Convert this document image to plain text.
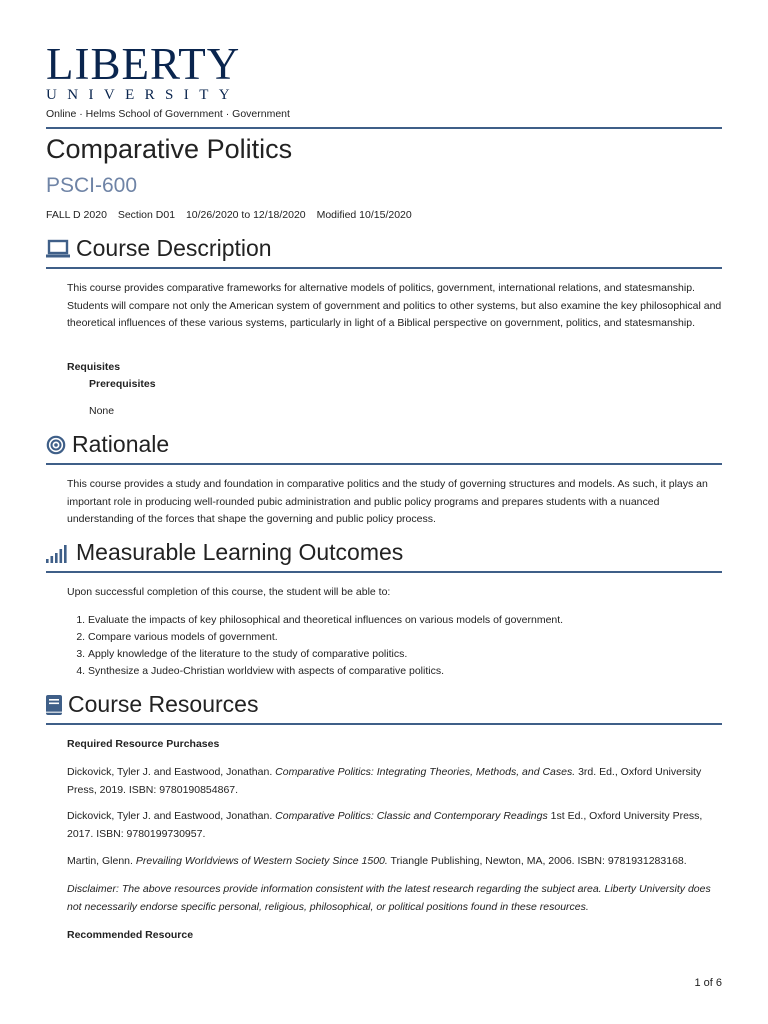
LIBERTY
UNIVERSITY
Online · Helms School of Government · Government
Comparative Politics
PSCI-600
FALL D 2020 Section D01 10/26/2020 to 12/18/2020 Modified 10/15/2020
Course Description
This course provides comparative frameworks for alternative models of politics, government, international relations, and statesmanship. Students will compare not only the American system of government and politics to other systems, but also examine the key philosophical and theoretical influences of these various systems, particularly in light of a Biblical perspective on government, politics, and statesmanship.
Requisites
Prerequisites
None
Rationale
This course provides a study and foundation in comparative politics and the study of governing structures and models. As such, it plays an important role in producing well-rounded pubic administration and public policy programs and prepares students with a nuanced understanding of the forces that shape the governing and public policy process.
Measurable Learning Outcomes
Upon successful completion of this course, the student will be able to:
1. Evaluate the impacts of key philosophical and theoretical influences on various models of government.
2. Compare various models of government.
3. Apply knowledge of the literature to the study of comparative politics.
4. Synthesize a Judeo-Christian worldview with aspects of comparative politics.
Course Resources
Required Resource Purchases
Dickovick, Tyler J. and Eastwood, Jonathan. Comparative Politics: Integrating Theories, Methods, and Cases. 3rd. Ed., Oxford University Press, 2019. ISBN: 9780190854867.
Dickovick, Tyler J. and Eastwood, Jonathan. Comparative Politics: Classic and Contemporary Readings 1st Ed., Oxford University Press, 2017. ISBN: 9780199730957.
Martin, Glenn. Prevailing Worldviews of Western Society Since 1500. Triangle Publishing, Newton, MA, 2006. ISBN: 9781931283168.
Disclaimer: The above resources provide information consistent with the latest research regarding the subject area. Liberty University does not necessarily endorse specific personal, religious, philosophical, or political positions found in these resources.
Recommended Resource
1 of 6
